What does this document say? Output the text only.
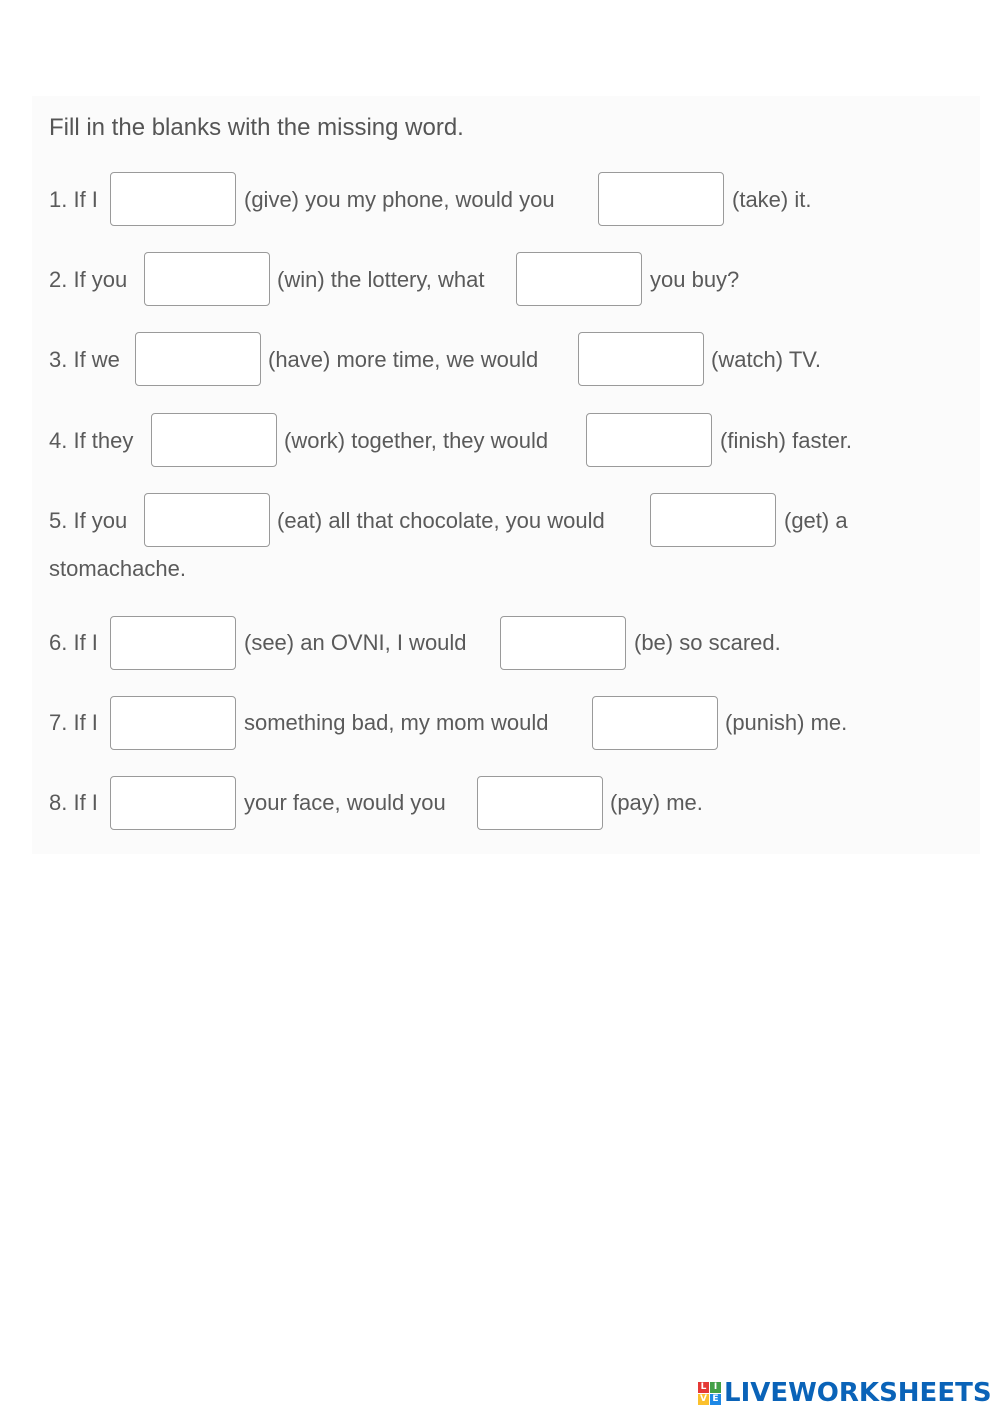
Fill in the blanks with the missing word.
1. If I	(give) you my phone, would you	(take) it.
2. If you	(win) the lottery, what	you buy?
3. If we	(have) more time, we would	(watch) TV.
4. If they	(work) together, they would	(finish) faster.
5. If you	(eat) all that chocolate, you would	(get) a
stomachache.
6. If I	(see) an OVNI, I would	(be) so scared.
7. If I	something bad, my mom would	(punish) me.
8. If I	your face, would you	(pay) me.
L I
V E LIVEWORKSHEETS
